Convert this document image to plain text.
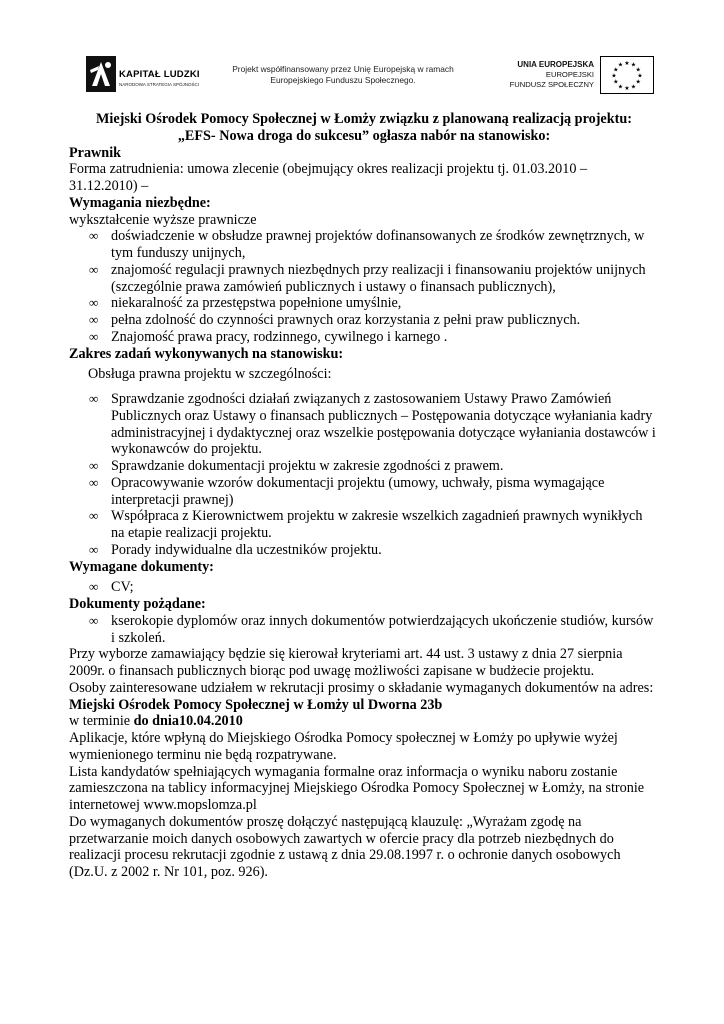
KAPITAŁ LUDZKI
NARODOWA STRATEGIA SPÓJNOŚCI
Projekt współfinansowany przez Unię Europejską w ramach
Europejskiego Funduszu Społecznego.
UNIA EUROPEJSKA
EUROPEJSKI
FUNDUSZ SPOŁECZNY
★ ★
★
★
★
★
★
★
★
★
★
★

Miejski Ośrodek Pomocy Społecznej w Łomży związku z planowaną realizacją projektu:

„EFS- Nowa droga do sukcesu” ogłasza nabór na stanowisko:

Prawnik

Forma zatrudnienia: umowa zlecenie (obejmujący okres realizacji projektu tj. 01.03.2010 – 31.12.2010) –

Wymagania niezbędne:

wykształcenie wyższe prawnicze

∞ doświadczenie w obsłudze prawnej projektów dofinansowanych ze środków zewnętrznych, w tym funduszy unijnych,
∞ znajomość regulacji prawnych niezbędnych przy realizacji i finansowaniu projektów unijnych (szczególnie prawa zamówień publicznych i ustawy o finansach publicznych),
∞ niekaralność za przestępstwa popełnione umyślnie,
∞ pełna zdolność do czynności prawnych oraz korzystania z pełni praw publicznych.
∞ Znajomość prawa pracy, rodzinnego, cywilnego i karnego .

Zakres zadań wykonywanych na stanowisku:

Obsługa prawna projektu w szczególności:

∞ Sprawdzanie zgodności działań związanych z zastosowaniem Ustawy Prawo Zamówień Publicznych oraz Ustawy o finansach publicznych – Postępowania dotyczące wyłaniania kadry administracyjnej i dydaktycznej oraz wszelkie postępowania dotyczące wyłaniania dostawców i wykonawców do projektu.
∞ Sprawdzanie dokumentacji projektu w zakresie zgodności z prawem.
∞ Opracowywanie wzorów dokumentacji projektu (umowy, uchwały, pisma wymagające interpretacji prawnej)
∞ Współpraca z Kierownictwem projektu w zakresie wszelkich zagadnień prawnych wynikłych na etapie realizacji projektu.
∞ Porady indywidualne dla uczestników projektu.

Wymagane dokumenty:

∞ CV;

Dokumenty pożądane:

∞ kserokopie dyplomów oraz innych dokumentów potwierdzających ukończenie studiów, kursów i szkoleń.

Przy wyborze zamawiający będzie się kierował kryteriami art. 44 ust. 3 ustawy z dnia 27 sierpnia 2009r. o finansach publicznych biorąc pod uwagę możliwości zapisane w budżecie projektu.

Osoby zainteresowane udziałem w rekrutacji prosimy o składanie wymaganych dokumentów na adres:

Miejski Ośrodek Pomocy Społecznej w Łomży ul Dworna 23b

w terminie do dnia10.04.2010

Aplikacje, które wpłyną do Miejskiego Ośrodka Pomocy społecznej w Łomży po upływie wyżej wymienionego terminu nie będą rozpatrywane.

Lista kandydatów spełniających wymagania formalne oraz informacja o wyniku naboru zostanie zamieszczona na tablicy informacyjnej Miejskiego Ośrodka Pomocy Społecznej w Łomży, na stronie internetowej www.mopslomza.pl

Do wymaganych dokumentów proszę dołączyć następującą klauzulę: „Wyrażam zgodę na przetwarzanie moich danych osobowych zawartych w ofercie pracy dla potrzeb niezbędnych do realizacji procesu rekrutacji zgodnie z ustawą z dnia 29.08.1997 r. o ochronie danych osobowych (Dz.U. z 2002 r. Nr 101, poz. 926).
